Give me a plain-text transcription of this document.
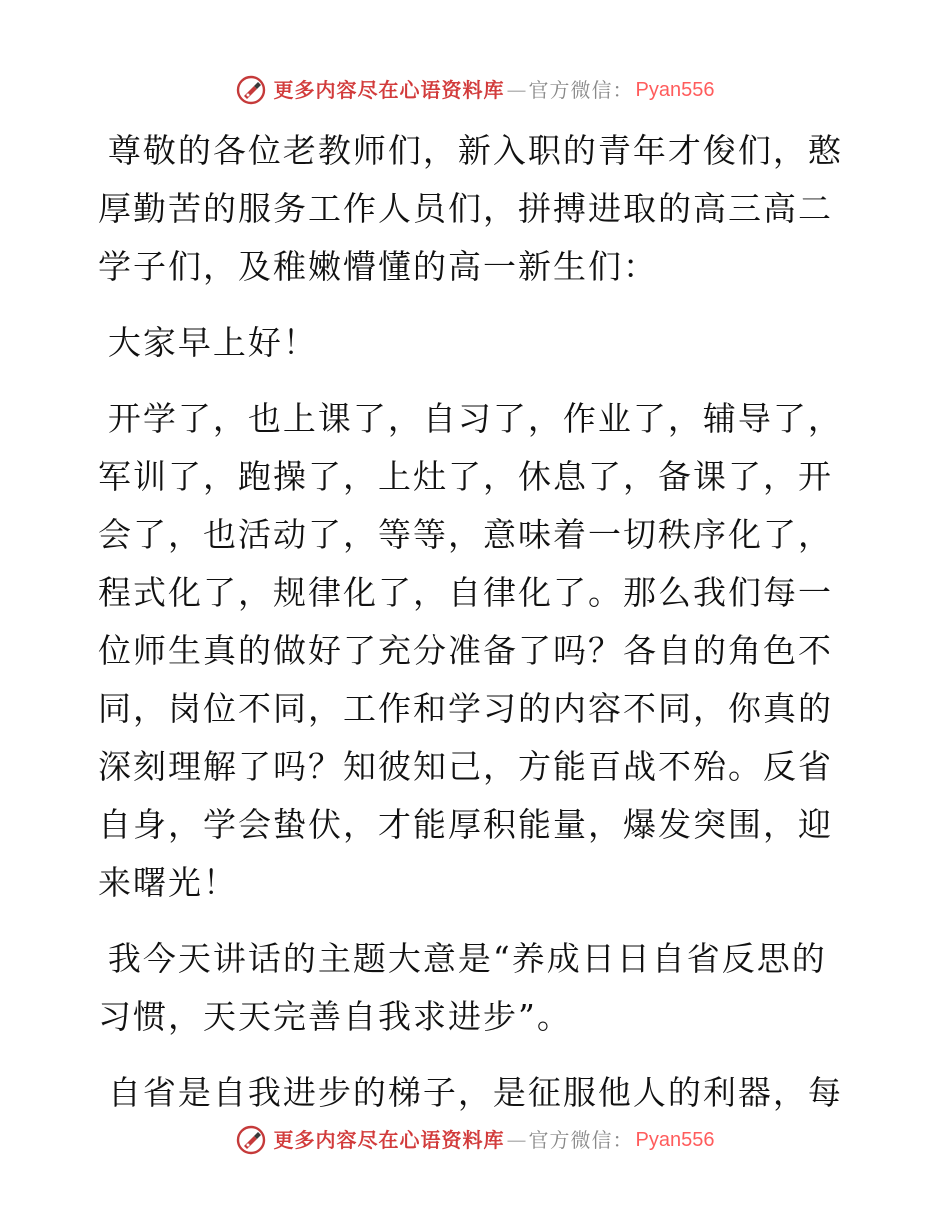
更多内容尽在心语资料库 — 官方微信： Pyan556

尊敬的各位老教师们，新入职的青年才俊们，憨厚勤苦的服务工作人员们，拼搏进取的高三高二学子们，及稚嫩懵懂的高一新生们：

大家早上好！

开学了，也上课了，自习了，作业了，辅导了，军训了，跑操了，上灶了，休息了，备课了，开会了，也活动了，等等，意味着一切秩序化了，程式化了，规律化了，自律化了。那么我们每一位师生真的做好了充分准备了吗？各自的角色不同，岗位不同，工作和学习的内容不同，你真的深刻理解了吗？知彼知己，方能百战不殆。反省自身，学会蛰伏，才能厚积能量，爆发突围，迎来曙光！

我今天讲话的主题大意是“养成日日自省反思的习惯，天天完善自我求进步”。

自省是自我进步的梯子，是征服他人的利器，每

更多内容尽在心语资料库 — 官方微信： Pyan556
